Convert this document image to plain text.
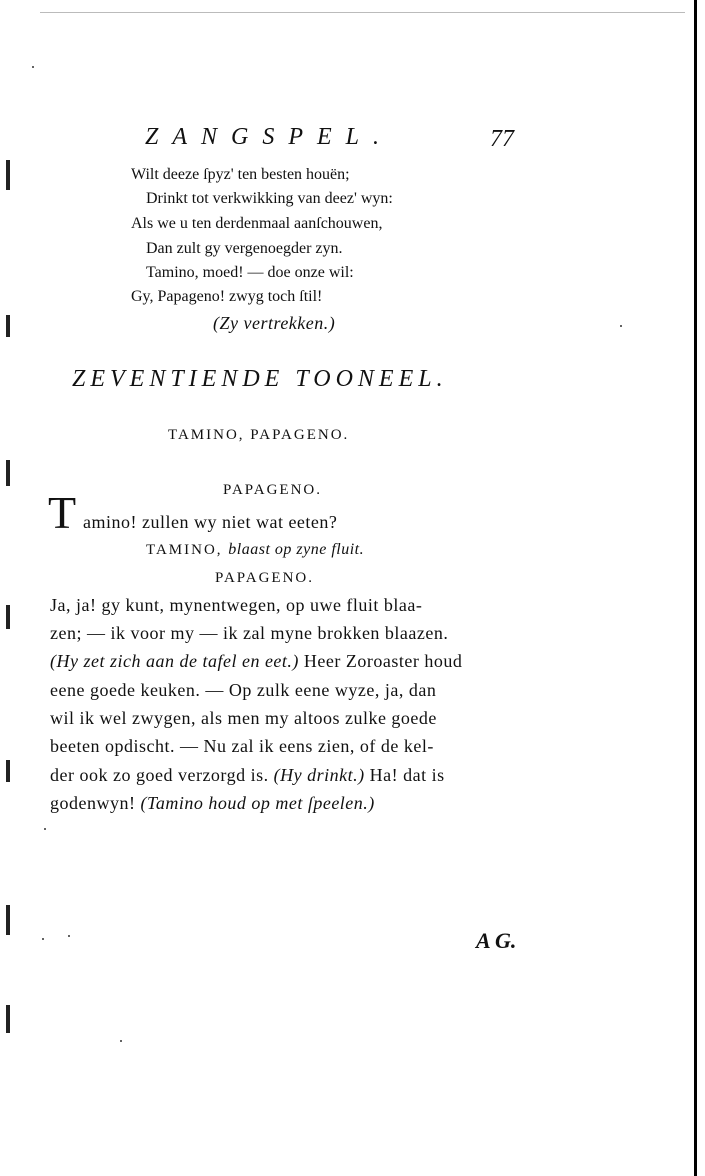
ZANGSPEL.	77
Wilt deeze ſpyz' ten besten houën;
Drinkt tot verkwikking van deez' wyn:
Als we u ten derdenmaal aanſchouwen,
Dan zult gy vergenoegder zyn.
Tamino, moed! — doe onze wil:
Gy, Papageno! zwyg toch ſtil!
(Zy vertrekken.)
ZEVENTIENDE TOONEEL.
TAMINO, PAPAGENO.
PAPAGENO.
T amino! zullen wy niet wat eeten?
TAMINO, blaast op zyne fluit.
PAPAGENO.
Ja, ja! gy kunt, mynentwegen, op uwe fluit blaa-
zen; — ik voor my — ik zal myne brokken blaazen.
(Hy zet zich aan de tafel en eet.) Heer Zoroaster houd
eene goede keuken. — Op zulk eene wyze, ja, dan
wil ik wel zwygen, als men my altoos zulke goede
beeten opdischt. — Nu zal ik eens zien, of de kel-
der ook zo goed verzorgd is. (Hy drinkt.) Ha! dat is
godenwyn! (Tamino houd op met ſpeelen.)
A G.
